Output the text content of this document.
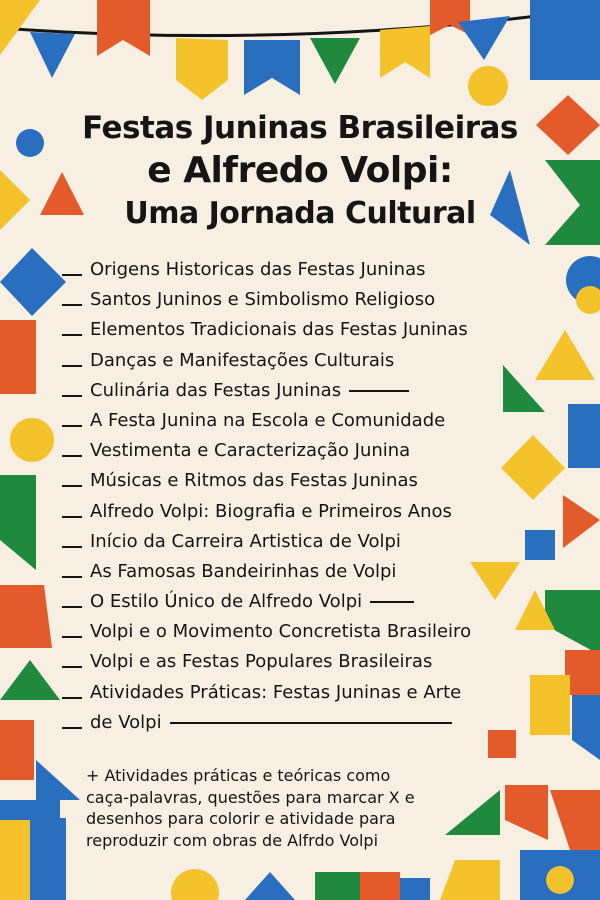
Festas Juninas Brasileiras
e Alfredo Volpi:
Uma Jornada Cultural
Origens Historicas das Festas Juninas
Santos Juninos e Simbolismo Religioso
Elementos Tradicionais das Festas Juninas
Danças e Manifestações Culturais
Culinária das Festas Juninas
A Festa Junina na Escola e Comunidade
Vestimenta e Caracterização Junina
Músicas e Ritmos das Festas Juninas
Alfredo Volpi: Biografia e Primeiros Anos
Início da Carreira Artistica de Volpi
As Famosas Bandeirinhas de Volpi
O Estilo Único de Alfredo Volpi
Volpi e o Movimento Concretista Brasileiro
Volpi e as Festas Populares Brasileiras
Atividades Práticas: Festas Juninas e Arte
de Volpi
+ Atividades práticas e teóricas como caça-palavras, questões para marcar X e desenhos para colorir e atividade para reproduzir com obras de Alfrdo Volpi
